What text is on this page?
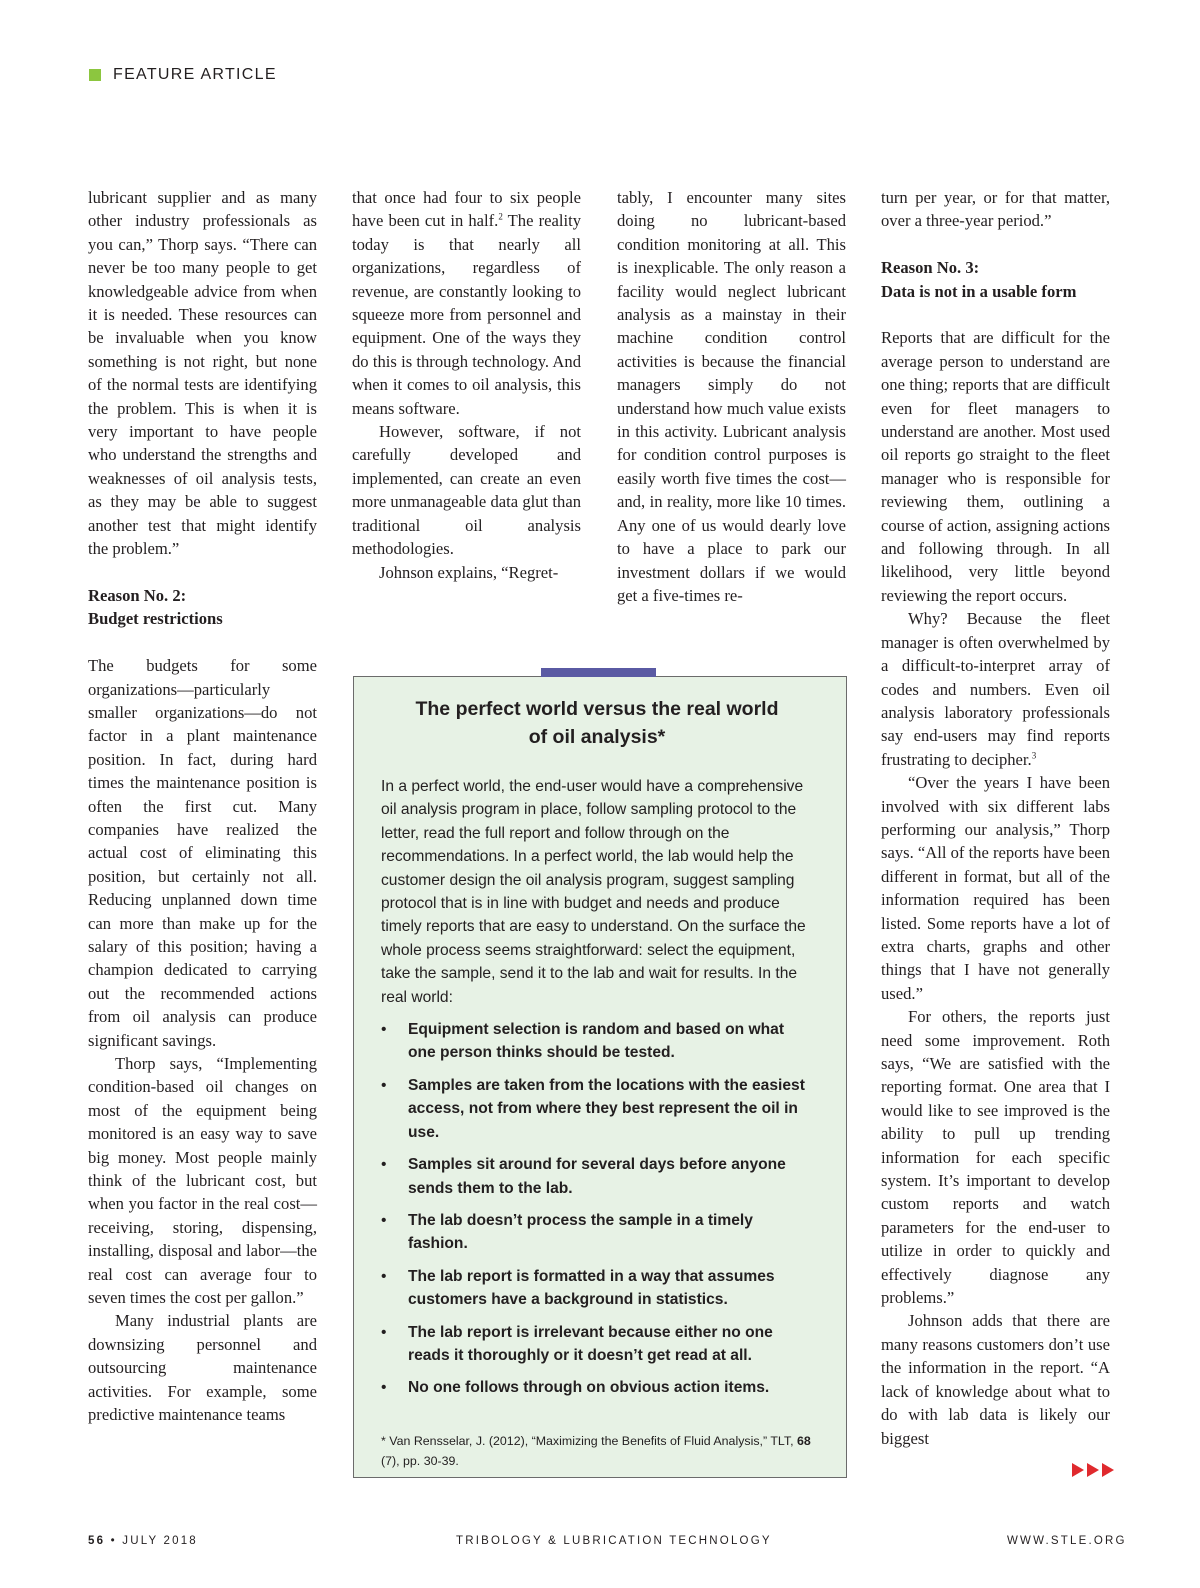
FEATURE ARTICLE

lubricant supplier and as many other industry professionals as you can,” Thorp says. “There can never be too many people to get knowledgeable advice from when it is needed. These resources can be invaluable when you know something is not right, but none of the normal tests are identifying the problem. This is when it is very important to have people who understand the strengths and weaknesses of oil analysis tests, as they may be able to suggest another test that might identify the problem.”

Reason No. 2:
Budget restrictions

The budgets for some organizations—particularly smaller organizations—do not factor in a plant maintenance position. In fact, during hard times the maintenance position is often the first cut. Many companies have realized the actual cost of eliminating this position, but certainly not all. Reducing unplanned down time can more than make up for the salary of this position; having a champion dedicated to carrying out the recommended actions from oil analysis can produce significant savings.

Thorp says, “Implementing condition-based oil changes on most of the equipment being monitored is an easy way to save big money. Most people mainly think of the lubricant cost, but when you factor in the real cost—receiving, storing, dispensing, installing, disposal and labor—the real cost can average four to seven times the cost per gallon.”

Many industrial plants are downsizing personnel and outsourcing maintenance activities. For example, some predictive maintenance teams

that once had four to six people have been cut in half.$^2$ The reality today is that nearly all organizations, regardless of revenue, are constantly looking to squeeze more from personnel and equipment. One of the ways they do this is through technology. And when it comes to oil analysis, this means software.

However, software, if not carefully developed and implemented, can create an even more unmanageable data glut than traditional oil analysis methodologies.

Johnson explains, “Regret-

tably, I encounter many sites doing no lubricant-based condition monitoring at all. This is inexplicable. The only reason a facility would neglect lubricant analysis as a mainstay in their machine condition control activities is because the financial managers simply do not understand how much value exists in this activity. Lubricant analysis for condition control purposes is easily worth five times the cost—and, in reality, more like 10 times. Any one of us would dearly love to have a place to park our investment dollars if we would get a five-times re-

turn per year, or for that matter, over a three-year period.”

Reason No. 3:
Data is not in a usable form

Reports that are difficult for the average person to understand are one thing; reports that are difficult even for fleet managers to understand are another. Most used oil reports go straight to the fleet manager who is responsible for reviewing them, outlining a course of action, assigning actions and following through. In all likelihood, very little beyond reviewing the report occurs.

Why? Because the fleet manager is often overwhelmed by a difficult-to-interpret array of codes and numbers. Even oil analysis laboratory professionals say end-users may find reports frustrating to decipher.$^3$

“Over the years I have been involved with six different labs performing our analysis,” Thorp says. “All of the reports have been different in format, but all of the information required has been listed. Some reports have a lot of extra charts, graphs and other things that I have not generally used.”

For others, the reports just need some improvement. Roth says, “We are satisfied with the reporting format. One area that I would like to see improved is the ability to pull up trending information for each specific system. It’s important to develop custom reports and watch parameters for the end-user to utilize in order to quickly and effectively diagnose any problems.”

Johnson adds that there are many reasons customers don’t use the information in the report. “A lack of knowledge about what to do with lab data is likely our biggest

The perfect world versus the real world
of oil analysis*

In a perfect world, the end-user would have a comprehensive oil analysis program in place, follow sampling protocol to the letter, read the full report and follow through on the recommendations. In a perfect world, the lab would help the customer design the oil analysis program, suggest sampling protocol that is in line with budget and needs and produce timely reports that are easy to understand. On the surface the whole process seems straightforward: select the equipment, take the sample, send it to the lab and wait for results. In the real world:

• Equipment selection is random and based on what one person thinks should be tested.
• Samples are taken from the locations with the easiest access, not from where they best represent the oil in use.
• Samples sit around for several days before anyone sends them to the lab.
• The lab doesn’t process the sample in a timely fashion.
• The lab report is formatted in a way that assumes customers have a background in statistics.
• The lab report is irrelevant because either no one reads it thoroughly or it doesn’t get read at all.
• No one follows through on obvious action items.

* Van Rensselar, J. (2012), “Maximizing the Benefits of Fluid Analysis,” TLT, 68 (7), pp. 30-39.

56 • JULY 2018	TRIBOLOGY & LUBRICATION TECHNOLOGY	WWW.STLE.ORG
